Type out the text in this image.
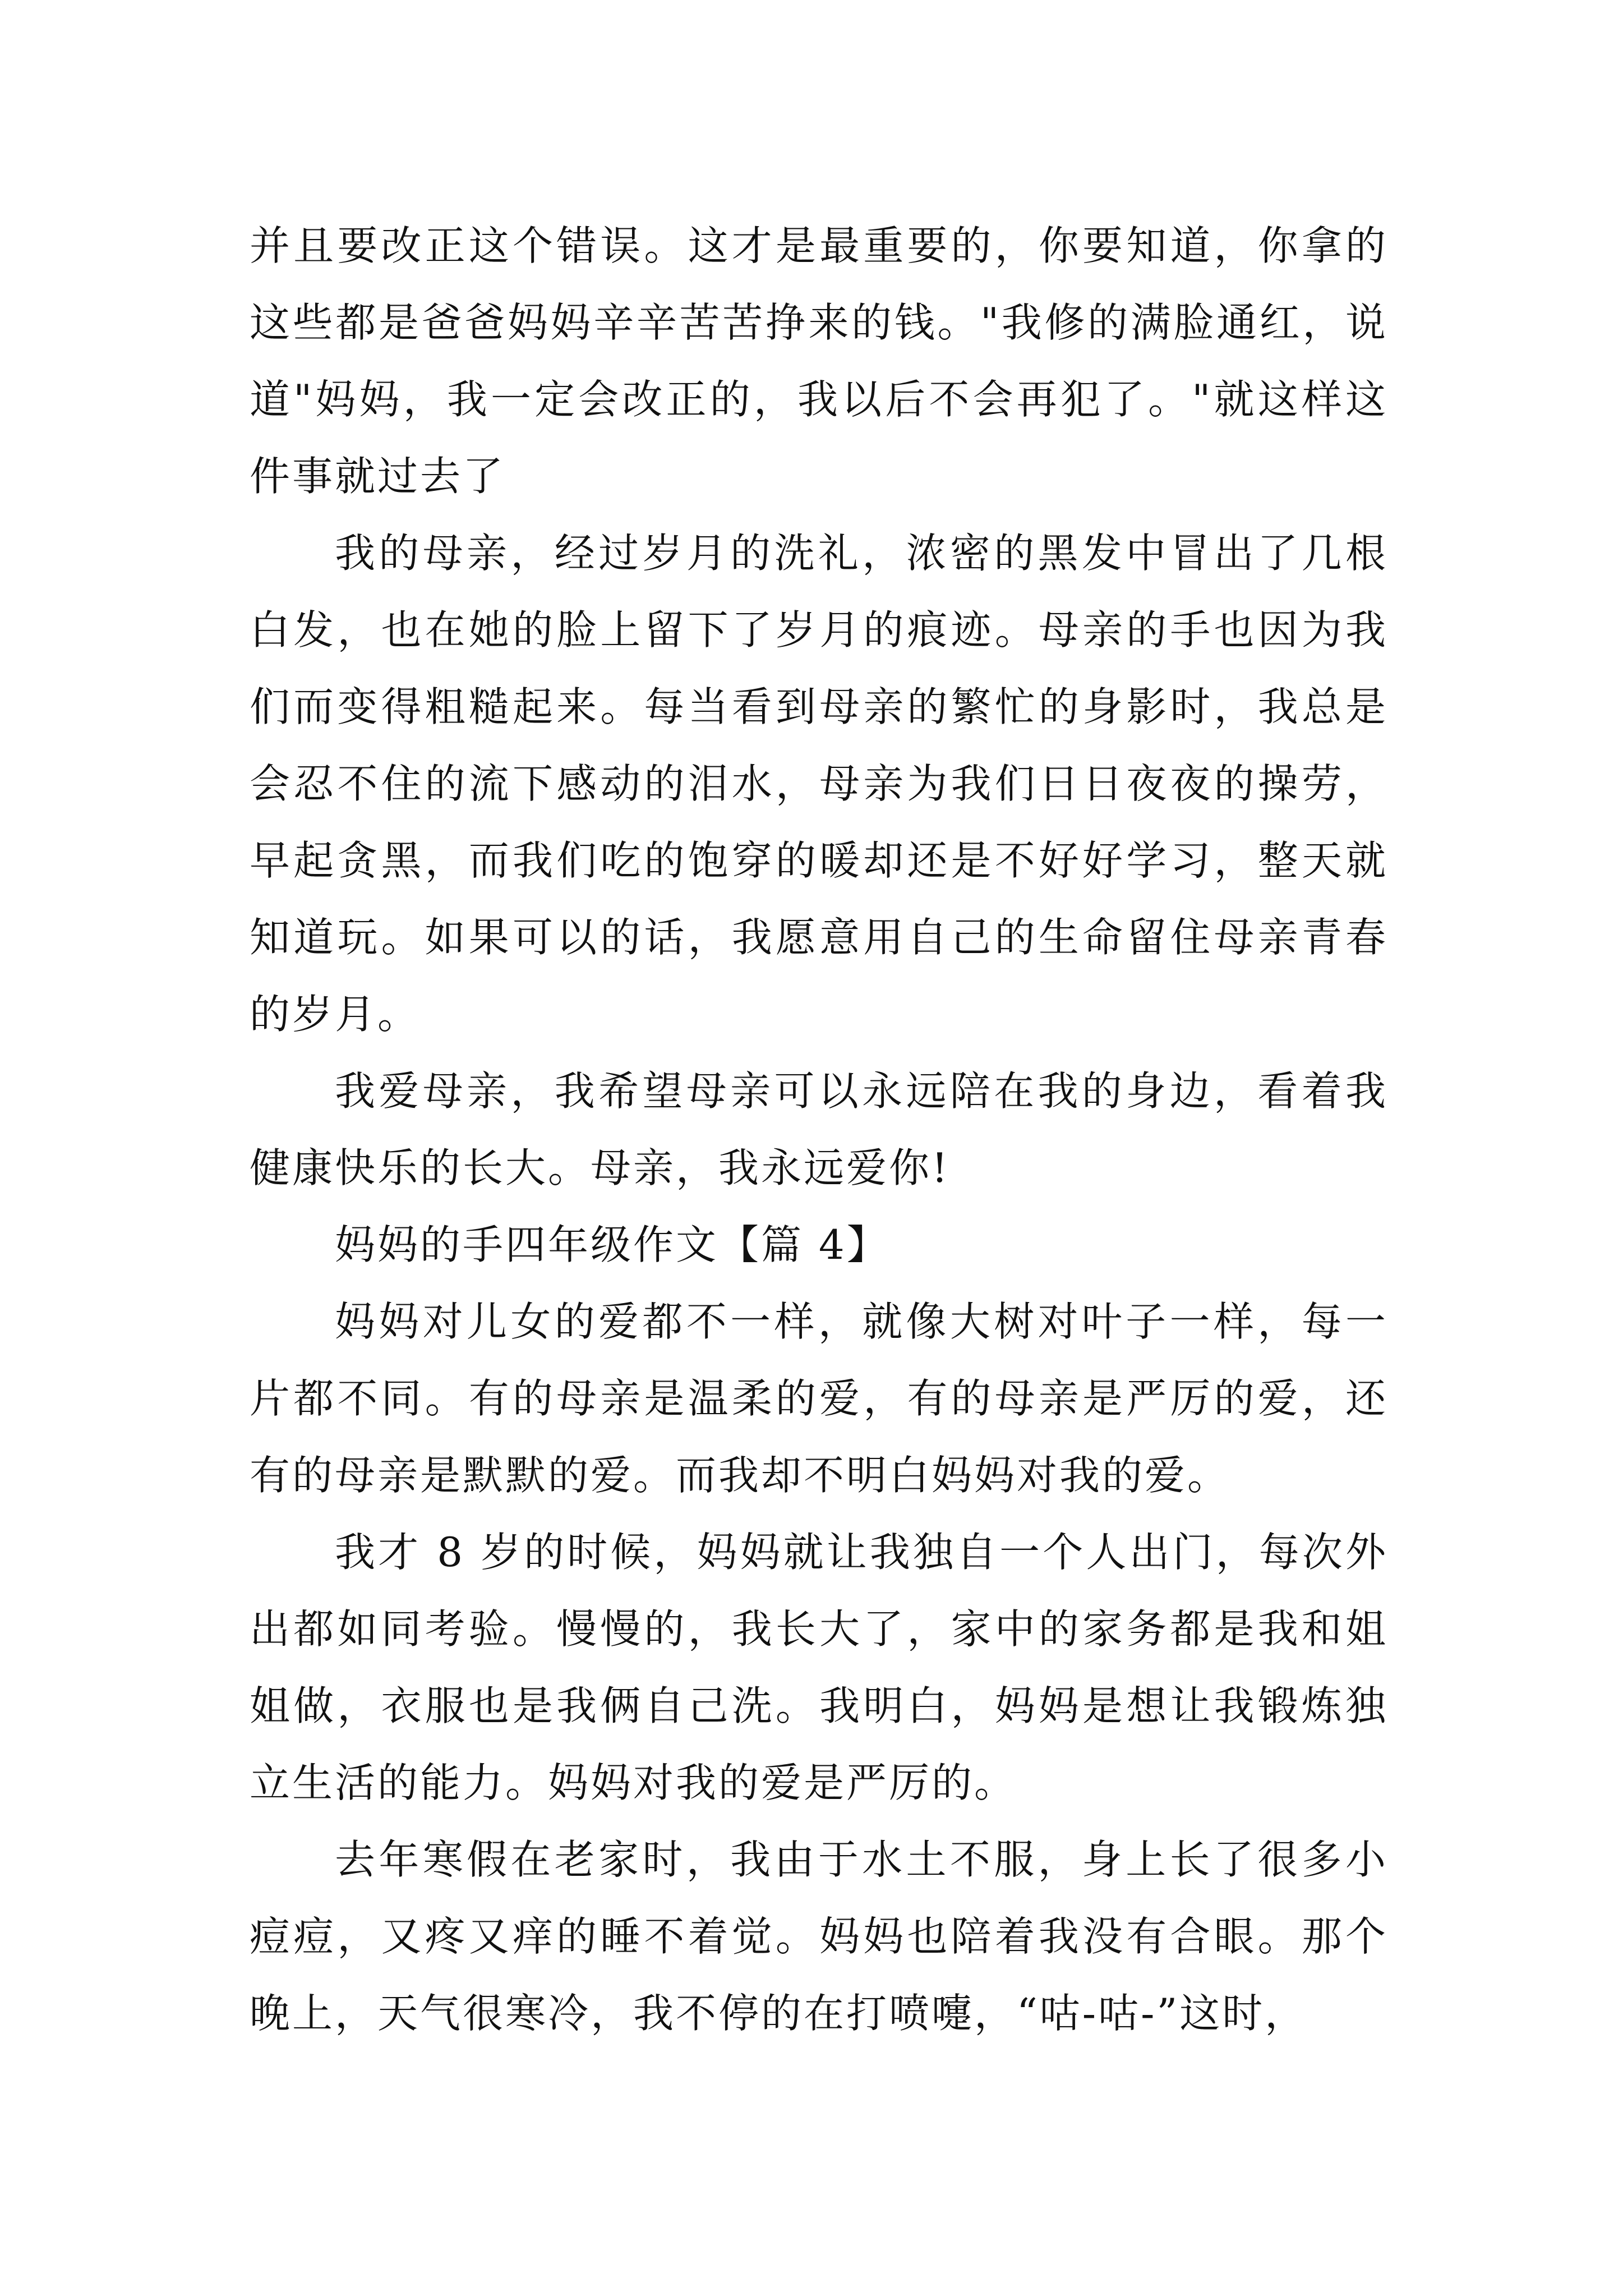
并且要改正这个错误。这才是最重要的，你要知道，你拿的这些都是爸爸妈妈辛辛苦苦挣来的钱。"我修的满脸通红，说道"妈妈，我一定会改正的，我以后不会再犯了。"就这样这件事就过去了

我的母亲，经过岁月的洗礼，浓密的黑发中冒出了几根白发，也在她的脸上留下了岁月的痕迹。母亲的手也因为我们而变得粗糙起来。每当看到母亲的繁忙的身影时，我总是会忍不住的流下感动的泪水，母亲为我们日日夜夜的操劳，早起贪黑，而我们吃的饱穿的暖却还是不好好学习，整天就知道玩。如果可以的话，我愿意用自己的生命留住母亲青春的岁月。

我爱母亲，我希望母亲可以永远陪在我的身边，看着我健康快乐的长大。母亲，我永远爱你!

妈妈的手四年级作文【篇 4】

妈妈对儿女的爱都不一样，就像大树对叶子一样，每一片都不同。有的母亲是温柔的爱，有的母亲是严厉的爱，还有的母亲是默默的爱。而我却不明白妈妈对我的爱。

我才 8 岁的时候，妈妈就让我独自一个人出门，每次外出都如同考验。慢慢的，我长大了，家中的家务都是我和姐姐做，衣服也是我俩自己洗。我明白，妈妈是想让我锻炼独立生活的能力。妈妈对我的爱是严厉的。

去年寒假在老家时，我由于水土不服，身上长了很多小痘痘，又疼又痒的睡不着觉。妈妈也陪着我没有合眼。那个晚上，天气很寒冷，我不停的在打喷嚏，“咕-咕-”这时，
